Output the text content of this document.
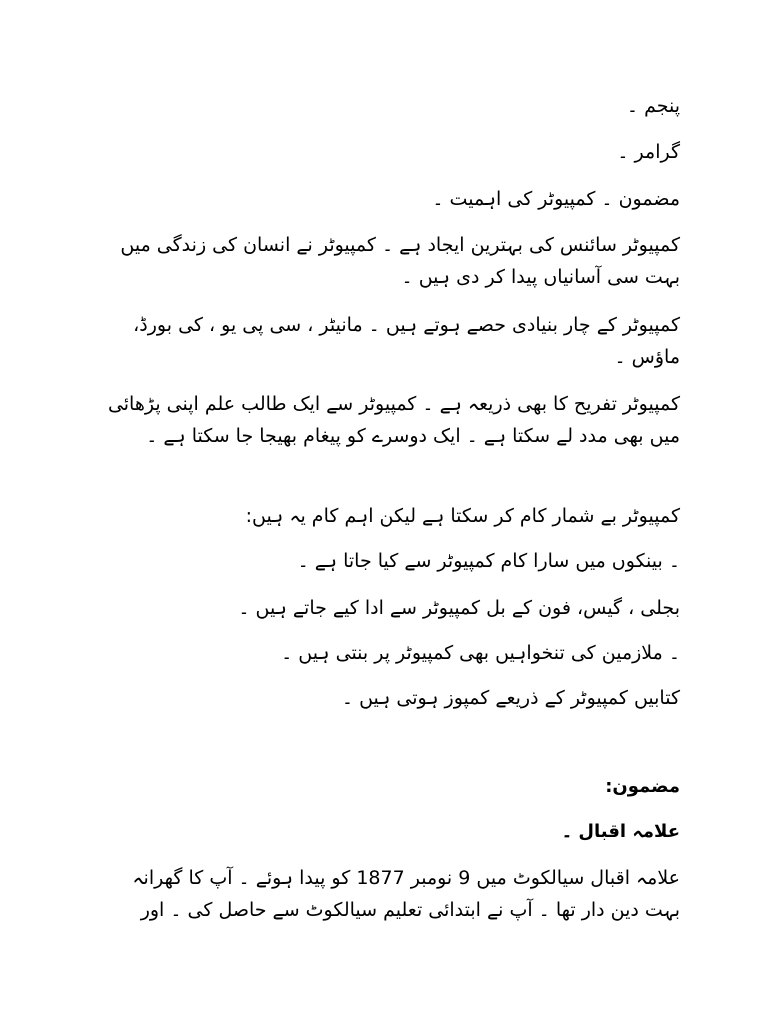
پنجم ۔

گرامر ۔

مضمون ۔ کمپیوٹر کی اہمیت ۔

کمپیوٹر سائنس کی بہترین ایجاد ہے ۔ کمپیوٹر نے انسان کی زندگی میں بہت سی آسانیاں پیدا کر دی ہیں ۔

کمپیوٹر کے چار بنیادی حصے ہوتے ہیں ۔ مانیٹر ، سی پی یو ، کی بورڈ، ماؤس ۔

کمپیوٹر تفریح کا بھی ذریعہ ہے ۔ کمپیوٹر سے ایک طالب علم اپنی پڑھائی میں بھی مدد لے سکتا ہے ۔ ایک دوسرے کو پیغام بھیجا جا سکتا ہے ۔

کمپیوٹر بے شمار کام کر سکتا ہے لیکن اہم کام یہ ہیں:

۔ بینکوں میں سارا کام کمپیوٹر سے کیا جاتا ہے ۔

بجلی ، گیس، فون کے بل کمپیوٹر سے ادا کیے جاتے ہیں ۔

۔ ملازمین کی تنخواہیں بھی کمپیوٹر پر بنتی ہیں ۔

کتابیں کمپیوٹر کے ذریعے کمپوز ہوتی ہیں ۔

مضمون:

علامہ اقبال ۔

علامہ اقبال سیالکوٹ میں 9 نومبر 1877 کو پیدا ہوئے ۔ آپ کا گھرانہ بہت دین دار تھا ۔ آپ نے ابتدائی تعلیم سیالکوٹ سے حاصل کی ۔ اور
